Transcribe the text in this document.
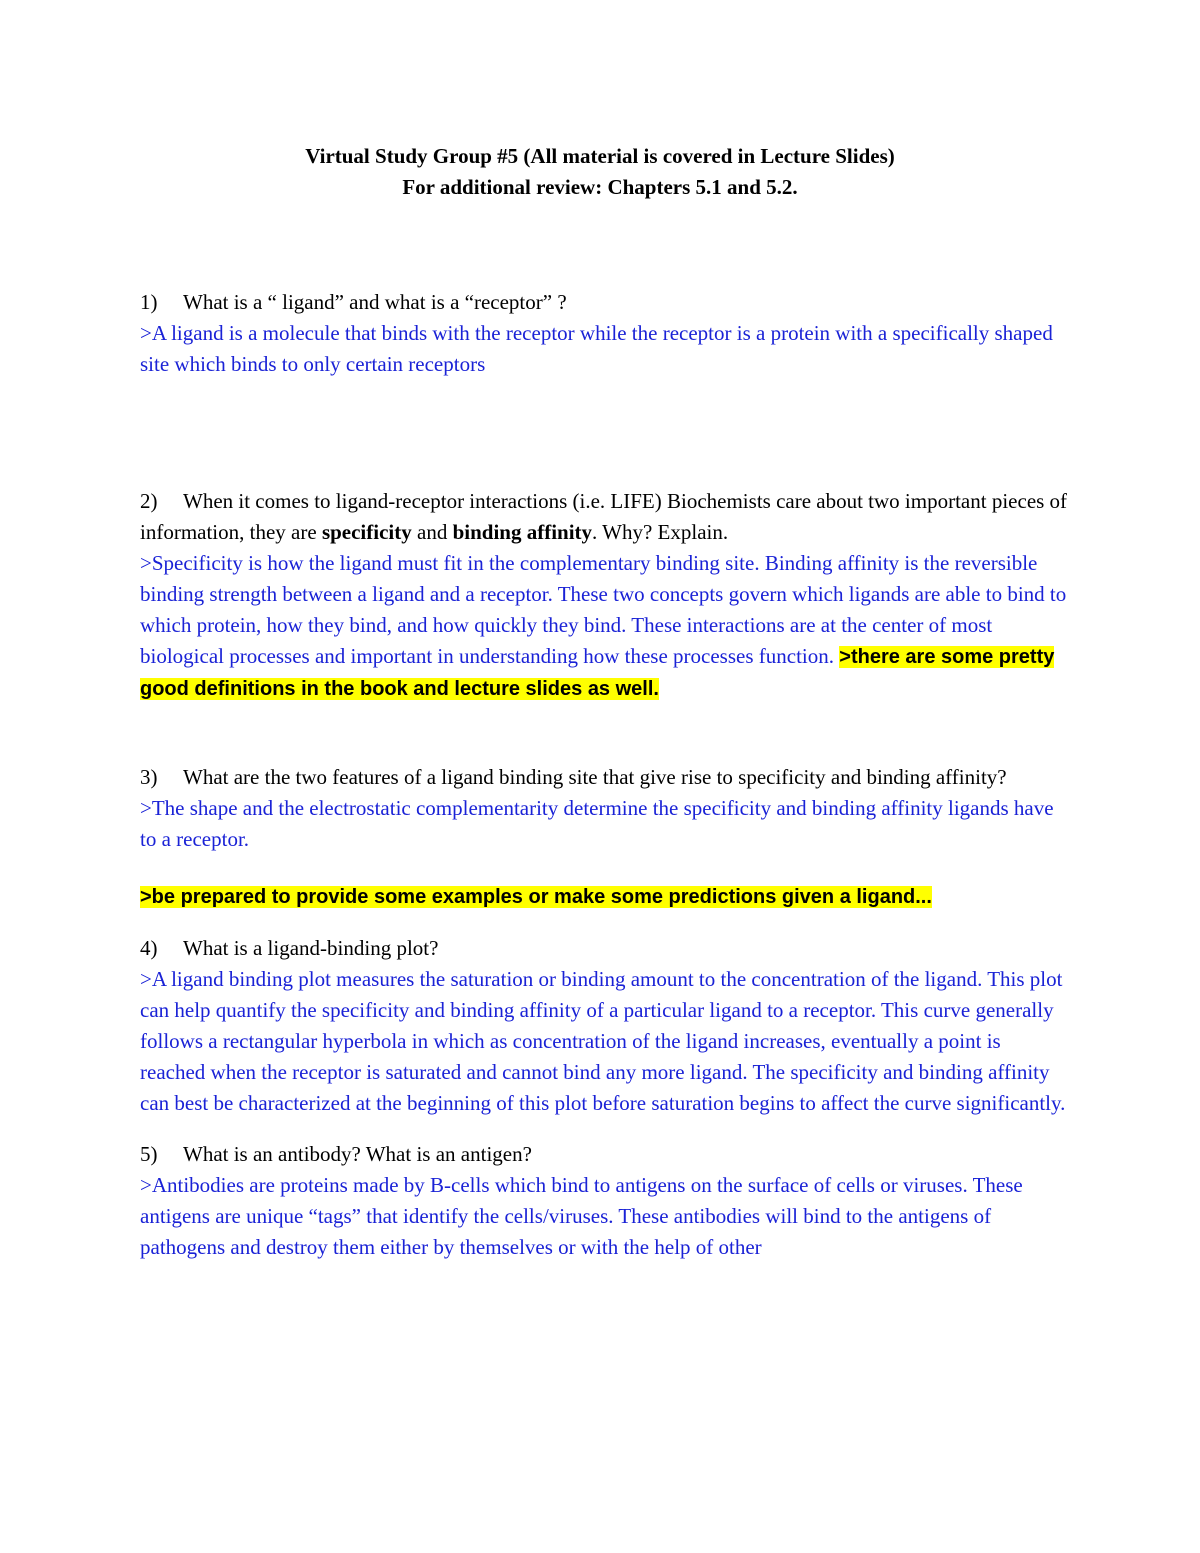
Virtual Study Group #5 (All material is covered in Lecture Slides)
For additional review: Chapters 5.1 and 5.2.

1) What is a “ ligand” and what is a “receptor” ?

>A ligand is a molecule that binds with the receptor while the receptor is a protein with a specifically shaped site which binds to only certain receptors

2) When it comes to ligand-receptor interactions (i.e. LIFE) Biochemists care about two important pieces of information, they are specificity and binding affinity. Why? Explain.

>Specificity is how the ligand must fit in the complementary binding site. Binding affinity is the reversible binding strength between a ligand and a receptor. These two concepts govern which ligands are able to bind to which protein, how they bind, and how quickly they bind. These interactions are at the center of most biological processes and important in understanding how these processes function. >there are some pretty good definitions in the book and lecture slides as well.

3) What are the two features of a ligand binding site that give rise to specificity and binding affinity?

>The shape and the electrostatic complementarity determine the specificity and binding affinity ligands have to a receptor.

>be prepared to provide some examples or make some predictions given a ligand...

4) What is a ligand-binding plot?

>A ligand binding plot measures the saturation or binding amount to the concentration of the ligand. This plot can help quantify the specificity and binding affinity of a particular ligand to a receptor. This curve generally follows a rectangular hyperbola in which as concentration of the ligand increases, eventually a point is reached when the receptor is saturated and cannot bind any more ligand. The specificity and binding affinity can best be characterized at the beginning of this plot before saturation begins to affect the curve significantly.

5) What is an antibody? What is an antigen?

>Antibodies are proteins made by B-cells which bind to antigens on the surface of cells or viruses. These antigens are unique “tags” that identify the cells/viruses. These antibodies will bind to the antigens of pathogens and destroy them either by themselves or with the help of other
